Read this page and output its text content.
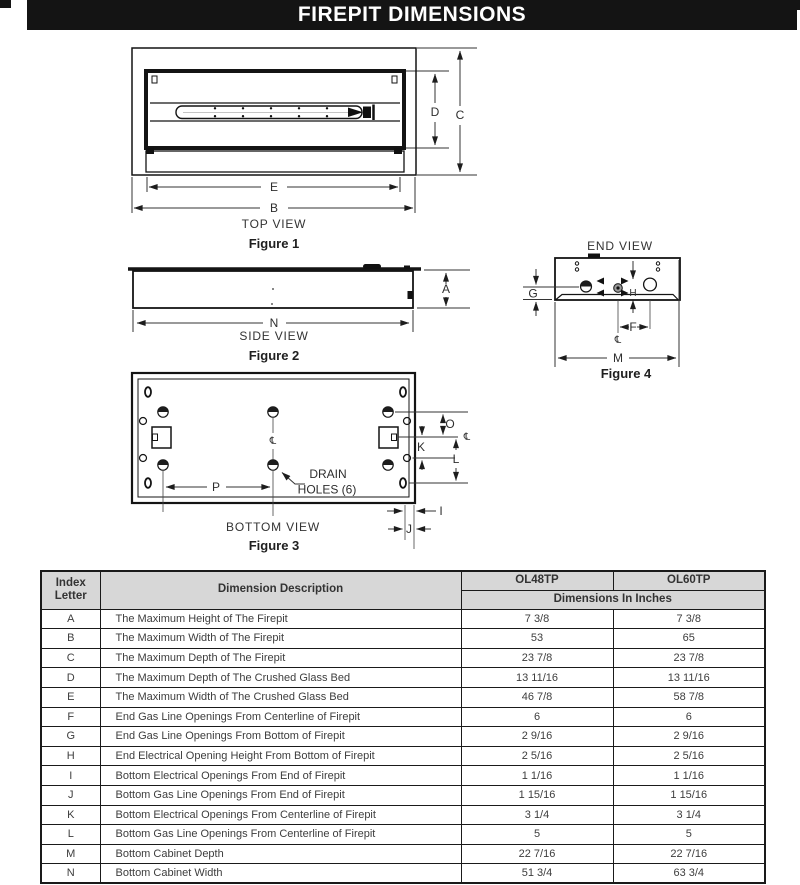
FIREPIT DIMENSIONS
D C
E
B
TOP VIEW
Figure 1
A
N
SIDE VIEW
Figure 2
END VIEW
H
G
℄
F
M
Figure 4
℄	℄
O
K
L
I
J
P
DRAIN
HOLES (6)
BOTTOM VIEW
Figure 3
Index Letter	Dimension Description	OL48TP	OL60TP
		Dimensions In Inches	
A	The Maximum Height of The Firepit	7 3/8	7 3/8
B	The Maximum Width of The Firepit	53	65
C	The Maximum Depth of The Firepit	23 7/8	23 7/8
D	The Maximum Depth of The Crushed Glass Bed	13 11/16	13 11/16
E	The Maximum Width of The Crushed Glass Bed	46 7/8	58 7/8
F	End Gas Line Openings From Centerline of Firepit	6	6
G	End Gas Line Openings From Bottom of Firepit	2 9/16	2 9/16
H	End Electrical Opening Height From Bottom of Firepit	2 5/16	2 5/16
I	Bottom Electrical Openings From End of Firepit	1 1/16	1 1/16
J	Bottom Gas Line Openings From End of Firepit	1 15/16	1 15/16
K	Bottom Electrical Openings From Centerline of Firepit	3 1/4	3 1/4
L	Bottom Gas Line Openings From Centerline of Firepit	5	5
M	Bottom Cabinet Depth	22 7/16	22 7/16
N	Bottom Cabinet Width	51 3/4	63 3/4
